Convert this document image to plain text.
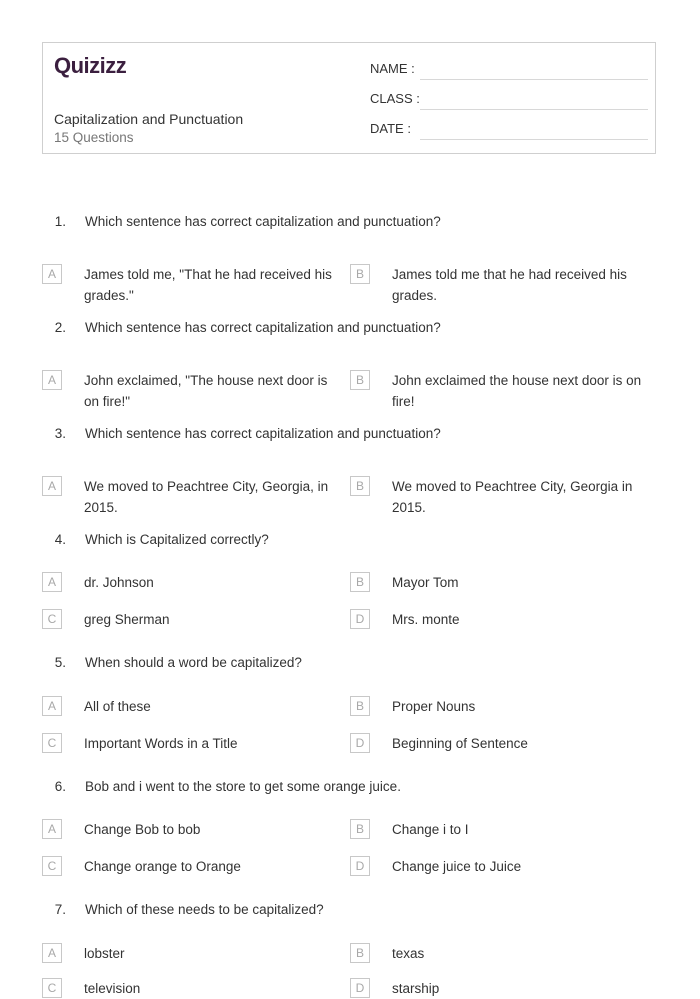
Quizizz
Capitalization and Punctuation
15 Questions
NAME :
CLASS :
DATE :
1. Which sentence has correct capitalization and punctuation?
A	James told me, "That he had received his grades."
B	James told me that he had received his grades.
2. Which sentence has correct capitalization and punctuation?
A	John exclaimed, "The house next door is on fire!"
B	John exclaimed the house next door is on fire!
3. Which sentence has correct capitalization and punctuation?
A	We moved to Peachtree City, Georgia, in 2015.
B	We moved to Peachtree City, Georgia in 2015.
4. Which is Capitalized correctly?
A	dr. Johnson	B	Mayor Tom
C	greg Sherman	D	Mrs. monte
5. When should a word be capitalized?
A	All of these	B	Proper Nouns
C	Important Words in a Title	D	Beginning of Sentence
6. Bob and i went to the store to get some orange juice.
A	Change Bob to bob	B	Change i to I
C	Change orange to Orange	D	Change juice to Juice
7. Which of these needs to be capitalized?
A	lobster	B	texas
C	television	D	starship
